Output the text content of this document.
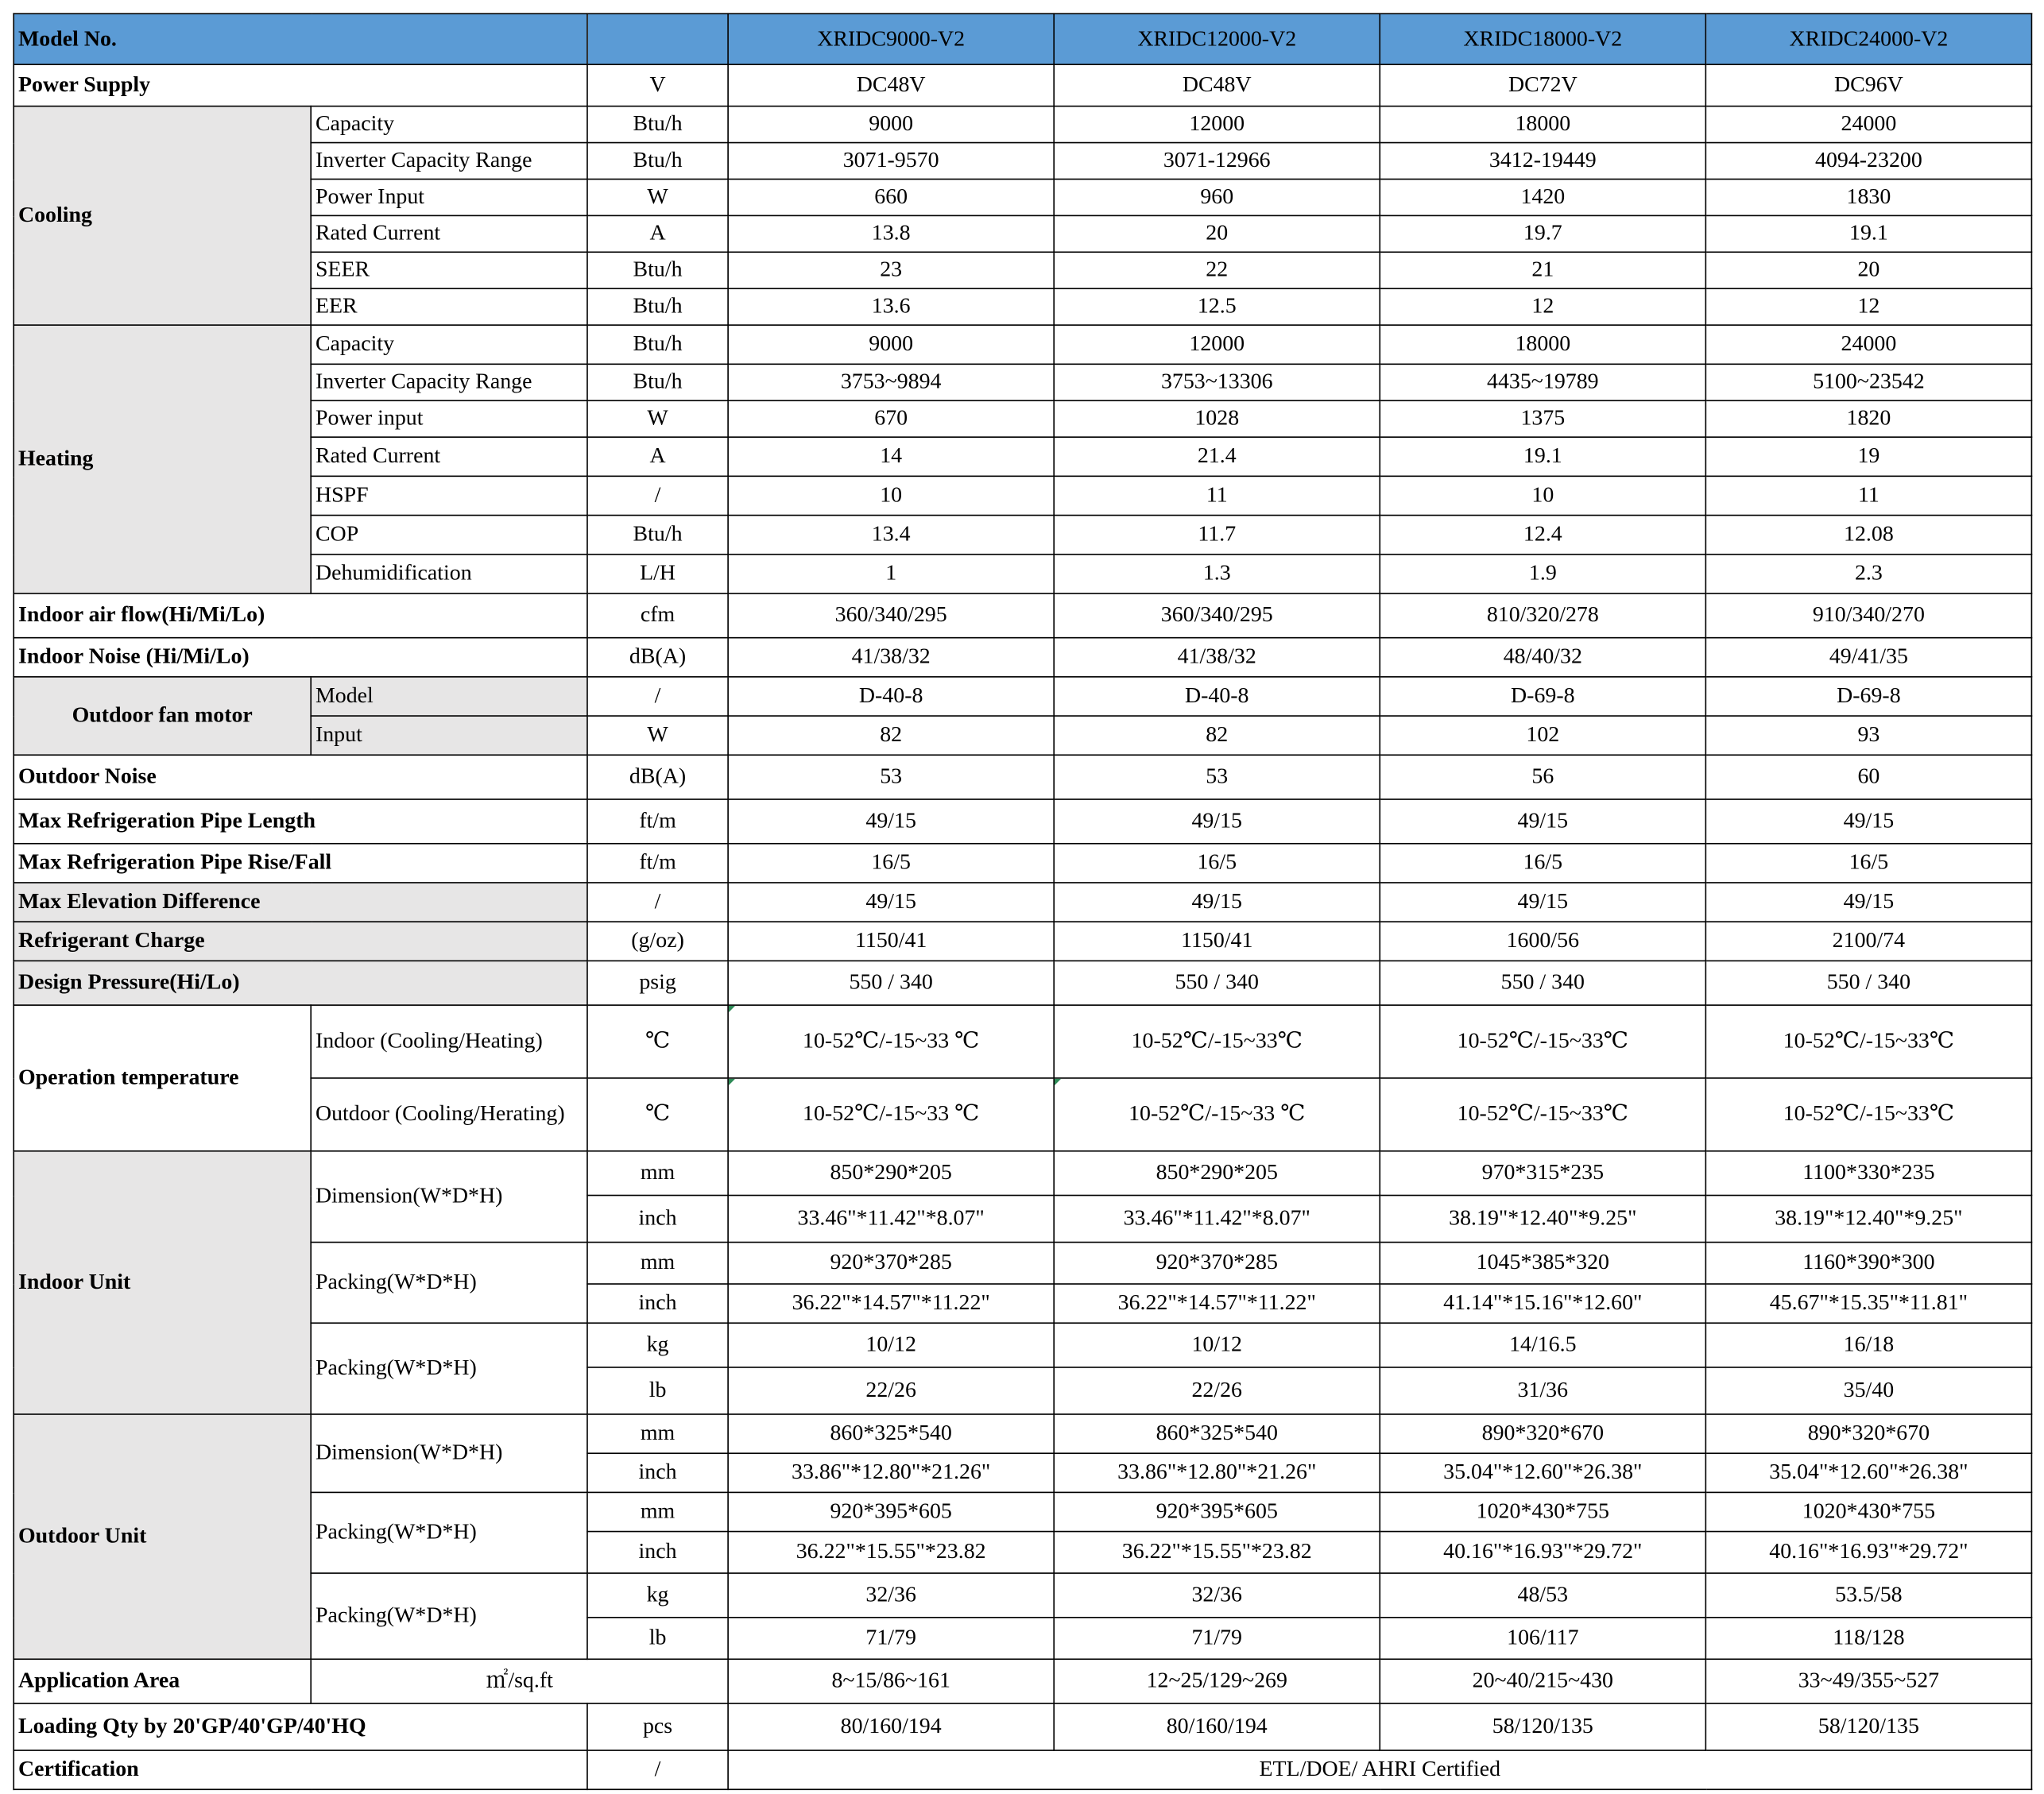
Model No.			XRIDC9000-V2	XRIDC12000-V2	XRIDC18000-V2	XRIDC24000-V2
Power Supply		V	DC48V	DC48V	DC72V	DC96V
Cooling	Capacity	Btu/h	9000	12000	18000	24000
	Inverter Capacity Range	Btu/h	3071-9570	3071-12966	3412-19449	4094-23200
	Power Input	W	660	960	1420	1830
	Rated Current	A	13.8	20	19.7	19.1
	SEER	Btu/h	23	22	21	20
	EER	Btu/h	13.6	12.5	12	12
Heating	Capacity	Btu/h	9000	12000	18000	24000
	Inverter Capacity Range	Btu/h	3753~9894	3753~13306	4435~19789	5100~23542
	Power input	W	670	1028	1375	1820
	Rated Current	A	14	21.4	19.1	19
	HSPF	/	10	11	10	11
	COP	Btu/h	13.4	11.7	12.4	12.08
	Dehumidification	L/H	1	1.3	1.9	2.3
Indoor air flow(Hi/Mi/Lo)		cfm	360/340/295	360/340/295	810/320/278	910/340/270
Indoor Noise (Hi/Mi/Lo)		dB(A)	41/38/32	41/38/32	48/40/32	49/41/35
Outdoor fan motor	Model	/	D-40-8	D-40-8	D-69-8	D-69-8
	Input	W	82	82	102	93
Outdoor Noise		dB(A)	53	53	56	60
Max Refrigeration Pipe Length		ft/m	49/15	49/15	49/15	49/15
Max Refrigeration Pipe Rise/Fall		ft/m	16/5	16/5	16/5	16/5
Max Elevation Difference		/	49/15	49/15	49/15	49/15
Refrigerant Charge		(g/oz)	1150/41	1150/41	1600/56	2100/74
Design Pressure(Hi/Lo)		psig	550 / 340	550 / 340	550 / 340	550 / 340
Operation temperature	Indoor (Cooling/Heating)	℃	10-52℃/-15~33 ℃	10-52℃/-15~33℃	10-52℃/-15~33℃	10-52℃/-15~33℃
	Outdoor (Cooling/Herating)	℃	10-52℃/-15~33 ℃	10-52℃/-15~33 ℃	10-52℃/-15~33℃	10-52℃/-15~33℃
Indoor Unit	Dimension(W*D*H)	mm	850*290*205	850*290*205	970*315*235	1100*330*235
		inch	33.46"*11.42"*8.07"	33.46"*11.42"*8.07"	38.19"*12.40"*9.25"	38.19"*12.40"*9.25"
	Packing(W*D*H)	mm	920*370*285	920*370*285	1045*385*320	1160*390*300
		inch	36.22"*14.57"*11.22"	36.22"*14.57"*11.22"	41.14"*15.16"*12.60"	45.67"*15.35"*11.81"
	Packing(W*D*H)	kg	10/12	10/12	14/16.5	16/18
		lb	22/26	22/26	31/36	35/40
Outdoor Unit	Dimension(W*D*H)	mm	860*325*540	860*325*540	890*320*670	890*320*670
		inch	33.86"*12.80"*21.26"	33.86"*12.80"*21.26"	35.04"*12.60"*26.38"	35.04"*12.60"*26.38"
	Packing(W*D*H)	mm	920*395*605	920*395*605	1020*430*755	1020*430*755
		inch	36.22"*15.55"*23.82	36.22"*15.55"*23.82	40.16"*16.93"*29.72"	40.16"*16.93"*29.72"
	Packing(W*D*H)	kg	32/36	32/36	48/53	53.5/58
		lb	71/79	71/79	106/117	118/128
Application Area	㎡/sq.ft		8~15/86~161	12~25/129~269	20~40/215~430	33~49/355~527
Loading Qty by 20'GP/40'GP/40'HQ		pcs	80/160/194	80/160/194	58/120/135	58/120/135
Certification		/	ETL/DOE/ AHRI Certified			
